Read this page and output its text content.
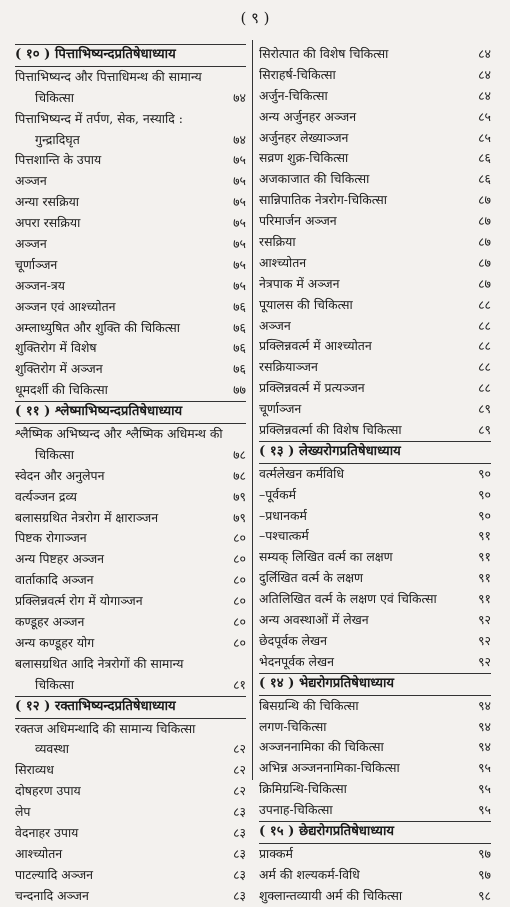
( ९ )
( १० ) पित्ताभिष्यन्दप्रतिषेधाध्याय
पित्ताभिष्यन्द और पित्ताधिमन्थ की सामान्य
चिकित्सा	७४
पित्ताभिष्यन्द में तर्पण, सेक, नस्यादि :
गुन्द्रादिघृत	७४
पित्तशान्ति के उपाय	७५
अञ्जन	७५
अन्या रसक्रिया	७५
अपरा रसक्रिया	७५
अञ्जन	७५
चूर्णाञ्जन	७५
अञ्जन-त्रय	७५
अञ्जन एवं आश्च्योतन	७६
अम्लाध्युषित और शुक्ति की चिकित्सा	७६
शुक्तिरोग में विशेष	७६
शुक्तिरोग में अञ्जन	७६
धूमदर्शी की चिकित्सा	७७
( ११ ) श्लेष्माभिष्यन्दप्रतिषेधाध्याय
श्लैष्मिक अभिष्यन्द और श्लैष्मिक अधिमन्थ की
चिकित्सा	७८
स्वेदन और अनुलेपन	७८
वर्त्यञ्जन द्रव्य	७९
बलासग्रथित नेत्ररोग में क्षाराञ्जन	७९
पिष्टक रोगाञ्जन	८०
अन्य पिष्टहर अञ्जन	८०
वार्ताकादि अञ्जन	८०
प्रक्लिन्नवर्त्म रोग में योगाञ्जन	८०
कण्डूहर अञ्जन	८०
अन्य कण्डूहर योग	८०
बलासग्रथित आदि नेत्ररोगों की सामान्य
चिकित्सा	८१
( १२ ) रक्ताभिष्यन्दप्रतिषेधाध्याय
रक्तज अधिमन्थादि की सामान्य चिकित्सा
व्यवस्था	८२
सिराव्यध	८२
दोषहरण उपाय	८२
लेप	८३
वेदनाहर उपाय	८३
आश्च्योतन	८३
पाटल्यादि अञ्जन	८३
चन्दनादि अञ्जन	८३
सिरोत्पात की विशेष चिकित्सा	८४
सिराहर्ष-चिकित्सा	८४
अर्जुन-चिकित्सा	८४
अन्य अर्जुनहर अञ्जन	८५
अर्जुनहर लेख्याञ्जन	८५
सव्रण शुक्र-चिकित्सा	८६
अजकाजात की चिकित्सा	८६
सान्निपातिक नेत्ररोग-चिकित्सा	८७
परिमार्जन अञ्जन	८७
रसक्रिया	८७
आश्च्योतन	८७
नेत्रपाक में अञ्जन	८७
पूयालस की चिकित्सा	८८
अञ्जन	८८
प्रक्लिन्नवर्त्म में आश्च्योतन	८८
रसक्रियाञ्जन	८८
प्रक्लिन्नवर्त्म में प्रत्यञ्जन	८८
चूर्णाञ्जन	८९
प्रक्लिन्नवर्त्मा की विशेष चिकित्सा	८९
( १३ ) लेख्यरोगप्रतिषेधाध्याय
वर्त्मलेखन कर्मविधि	९०
–पूर्वकर्म	९०
–प्रधानकर्म	९०
–पश्चात्कर्म	९१
सम्यक् लिखित वर्त्म का लक्षण	९१
दुर्लिखित वर्त्म के लक्षण	९१
अतिलिखित वर्त्म के लक्षण एवं चिकित्सा	९१
अन्य अवस्थाओं में लेखन	९२
छेदपूर्वक लेखन	९२
भेदनपूर्वक लेखन	९२
( १४ ) भेद्यरोगप्रतिषेधाध्याय
बिसग्रन्थि की चिकित्सा	९४
लगण-चिकित्सा	९४
अञ्जननामिका की चिकित्सा	९४
अभिन्न अञ्जननामिका-चिकित्सा	९५
क्रिमिग्रन्थि-चिकित्सा	९५
उपनाह-चिकित्सा	९५
( १५ ) छेद्यरोगप्रतिषेधाध्याय
प्राक्कर्म	९७
अर्म की शल्यकर्म-विधि	९७
शुक्लान्तव्यायी अर्म की चिकित्सा	९८
